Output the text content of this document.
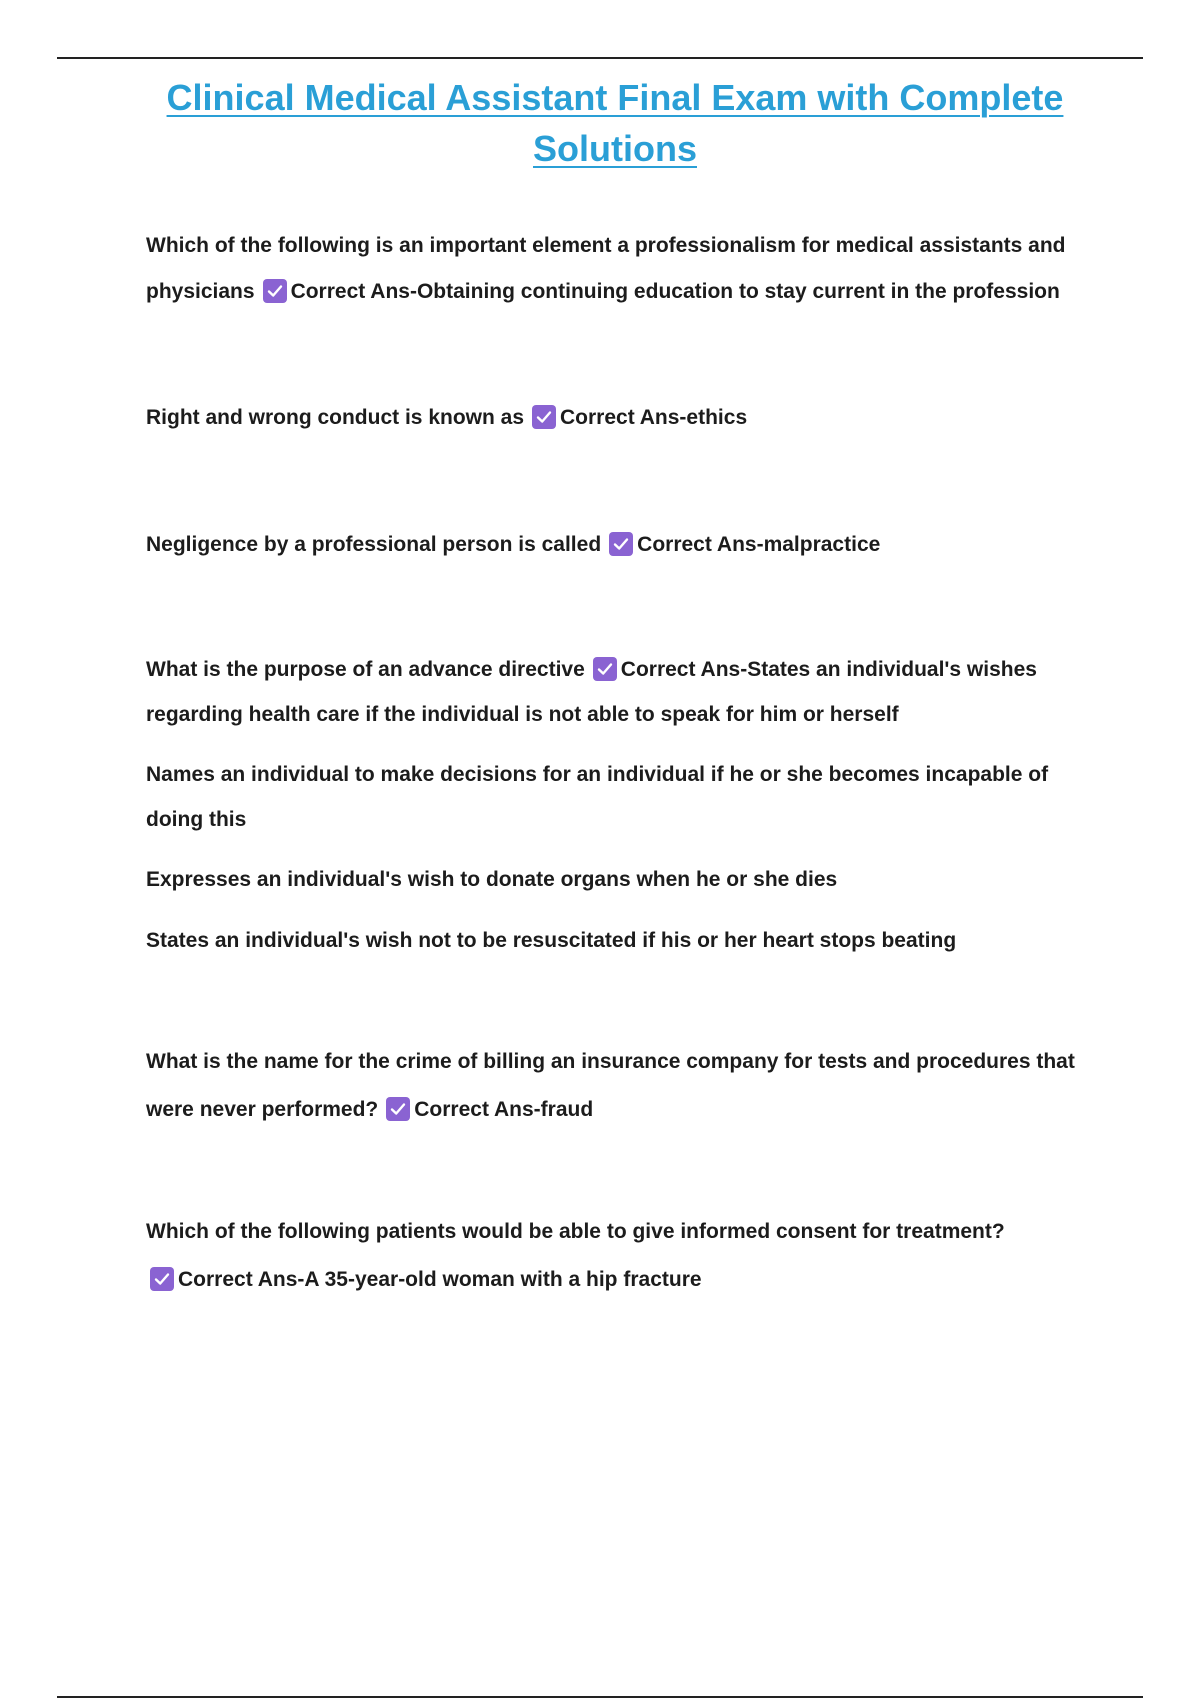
Clinical Medical Assistant Final Exam with Complete
Solutions
Which of the following is an important element a professionalism for medical assistants and
physicians Correct Ans-Obtaining continuing education to stay current in the profession
Right and wrong conduct is known as Correct Ans-ethics
Negligence by a professional person is called Correct Ans-malpractice
What is the purpose of an advance directive Correct Ans-States an individual's wishes
regarding health care if the individual is not able to speak for him or herself
Names an individual to make decisions for an individual if he or she becomes incapable of
doing this
Expresses an individual's wish to donate organs when he or she dies
States an individual's wish not to be resuscitated if his or her heart stops beating
What is the name for the crime of billing an insurance company for tests and procedures that
were never performed? Correct Ans-fraud
Which of the following patients would be able to give informed consent for treatment?
Correct Ans-A 35-year-old woman with a hip fracture
